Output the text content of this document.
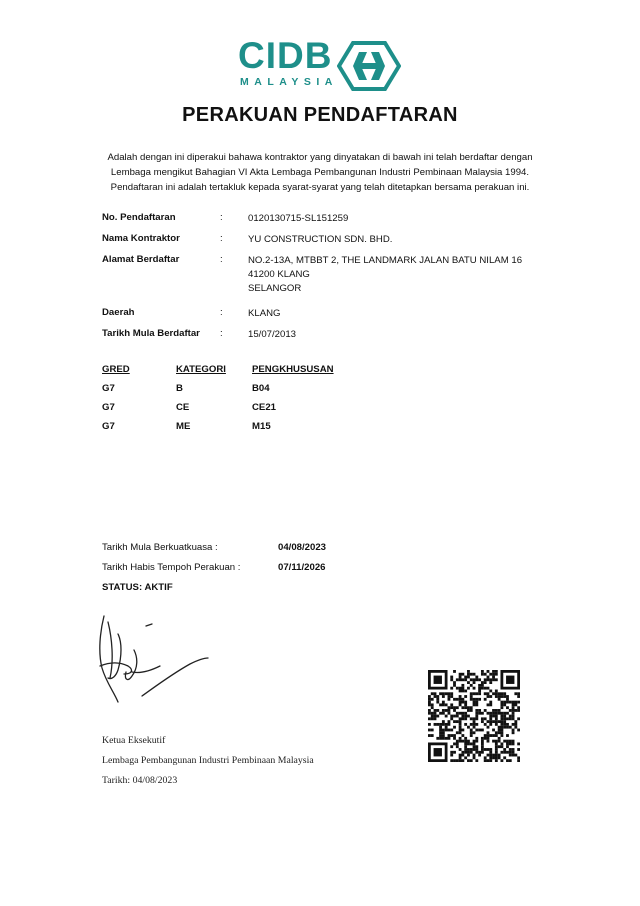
CIDB
MALAYSIA
PERAKUAN PENDAFTARAN
Adalah dengan ini diperakui bahawa kontraktor yang dinyatakan di bawah ini telah berdaftar dengan
Lembaga mengikut Bahagian VI Akta Lembaga Pembangunan Industri Pembinaan Malaysia 1994.
Pendaftaran ini adalah tertakluk kepada syarat-syarat yang telah ditetapkan bersama perakuan ini.
No. Pendaftaran	:	0120130715-SL151259
Nama Kontraktor	:	YU CONSTRUCTION SDN. BHD.
Alamat Berdaftar	:	NO.2-13A, MTBBT 2, THE LANDMARK JALAN BATU NILAM 16
41200 KLANG
SELANGOR
Daerah	:	KLANG
Tarikh Mula Berdaftar :	15/07/2013
GRED	KATEGORI	PENGKHUSUSAN
G7	B	B04
G7	CE	CE21
G7	ME	M15
Tarikh Mula Berkuatkuasa :	04/08/2023
Tarikh Habis Tempoh Perakuan :	07/11/2026
STATUS: AKTIF
Ketua Eksekutif
Lembaga Pembangunan Industri Pembinaan Malaysia
Tarikh: 04/08/2023
